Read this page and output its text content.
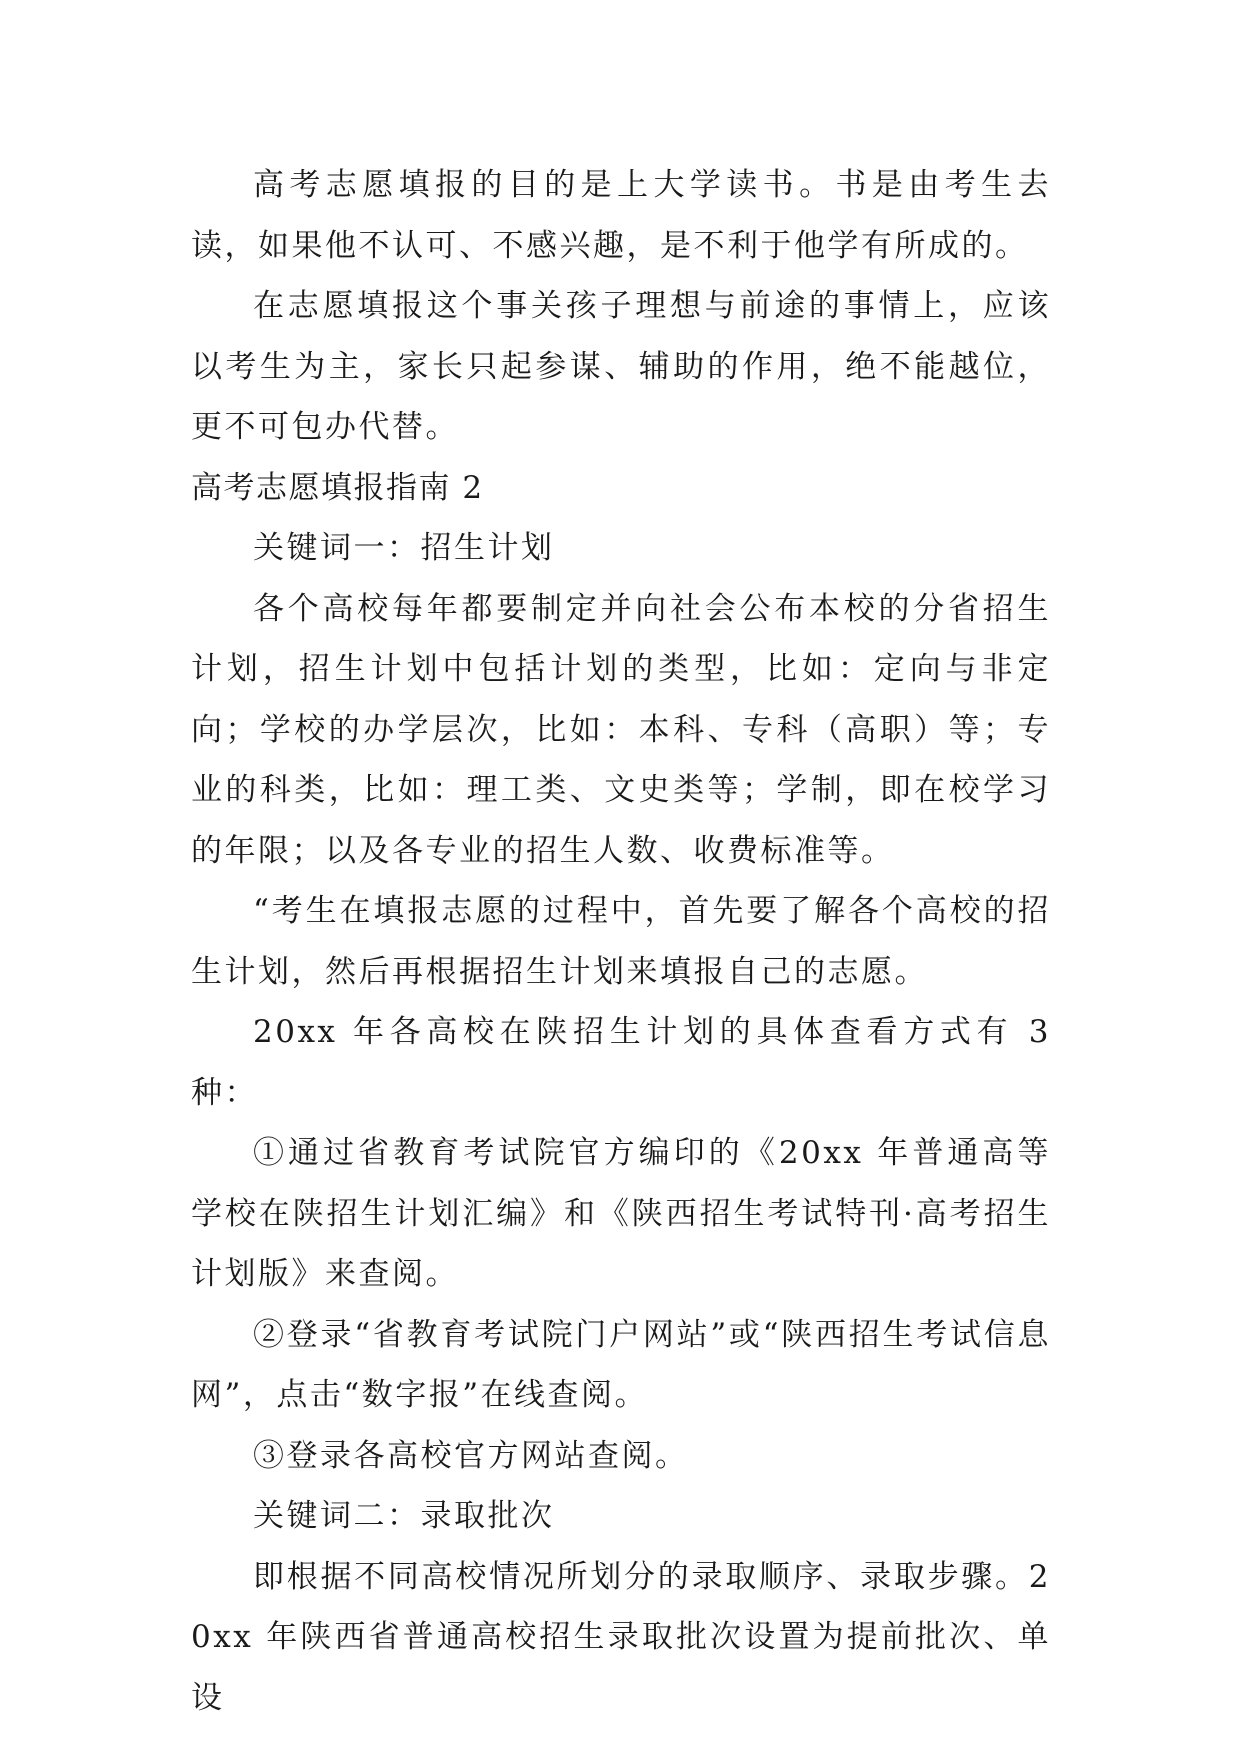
高考志愿填报的目的是上大学读书。书是由考生去读，如果他不认可、不感兴趣，是不利于他学有所成的。

在志愿填报这个事关孩子理想与前途的事情上，应该以考生为主，家长只起参谋、辅助的作用，绝不能越位，更不可包办代替。

高考志愿填报指南 2

关键词一：招生计划

各个高校每年都要制定并向社会公布本校的分省招生计划，招生计划中包括计划的类型，比如：定向与非定向；学校的办学层次，比如：本科、专科（高职）等；专业的科类，比如：理工类、文史类等；学制，即在校学习的年限；以及各专业的招生人数、收费标准等。

“考生在填报志愿的过程中，首先要了解各个高校的招生计划，然后再根据招生计划来填报自己的志愿。

20xx 年各高校在陕招生计划的具体查看方式有 3 种：

①通过省教育考试院官方编印的《20xx 年普通高等学校在陕招生计划汇编》和《陕西招生考试特刊·高考招生计划版》来查阅。

②登录“省教育考试院门户网站”或“陕西招生考试信息网”，点击“数字报”在线查阅。

③登录各高校官方网站查阅。

关键词二：录取批次

即根据不同高校情况所划分的录取顺序、录取步骤。20xx 年陕西省普通高校招生录取批次设置为提前批次、单设
